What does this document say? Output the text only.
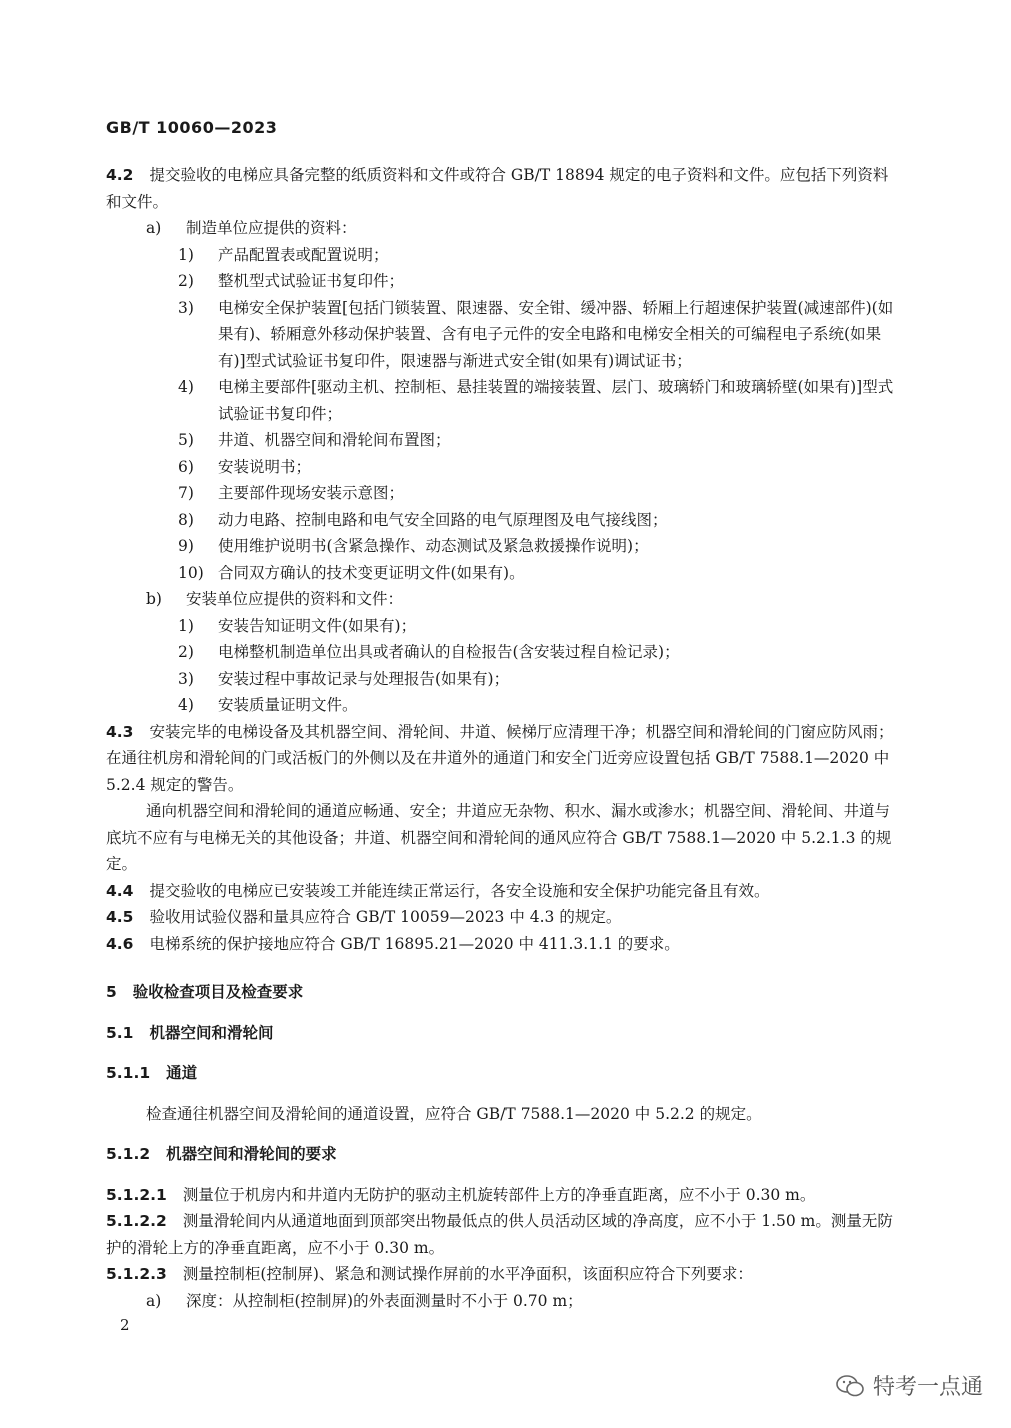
GB/T 10060—2023

4.2 提交验收的电梯应具备完整的纸质资料和文件或符合 GB/T 18894 规定的电子资料和文件。应包括下列资料和文件。

a)	制造单位应提供的资料：
1)	产品配置表或配置说明；
2)	整机型式试验证书复印件；
3)	电梯安全保护装置[包括门锁装置、限速器、安全钳、缓冲器、轿厢上行超速保护装置(减速部件)(如果有)、轿厢意外移动保护装置、含有电子元件的安全电路和电梯安全相关的可编程电子系统(如果有)]型式试验证书复印件，限速器与渐进式安全钳(如果有)调试证书；
4)	电梯主要部件[驱动主机、控制柜、悬挂装置的端接装置、层门、玻璃轿门和玻璃轿壁(如果有)]型式试验证书复印件；
5)	井道、机器空间和滑轮间布置图；
6)	安装说明书；
7)	主要部件现场安装示意图；
8)	动力电路、控制电路和电气安全回路的电气原理图及电气接线图；
9)	使用维护说明书(含紧急操作、动态测试及紧急救援操作说明)；
10) 合同双方确认的技术变更证明文件(如果有)。
b)	安装单位应提供的资料和文件：
1)	安装告知证明文件(如果有)；
2)	电梯整机制造单位出具或者确认的自检报告(含安装过程自检记录)；
3)	安装过程中事故记录与处理报告(如果有)；
4)	安装质量证明文件。

4.3 安装完毕的电梯设备及其机器空间、滑轮间、井道、候梯厅应清理干净；机器空间和滑轮间的门窗应防风雨；在通往机房和滑轮间的门或活板门的外侧以及在井道外的通道门和安全门近旁应设置包括 GB/T 7588.1—2020 中 5.2.4 规定的警告。

通向机器空间和滑轮间的通道应畅通、安全；井道应无杂物、积水、漏水或渗水；机器空间、滑轮间、井道与底坑不应有与电梯无关的其他设备；井道、机器空间和滑轮间的通风应符合 GB/T 7588.1—2020 中 5.2.1.3 的规定。

4.4 提交验收的电梯应已安装竣工并能连续正常运行，各安全设施和安全保护功能完备且有效。

4.5 验收用试验仪器和量具应符合 GB/T 10059—2023 中 4.3 的规定。

4.6 电梯系统的保护接地应符合 GB/T 16895.21—2020 中 411.3.1.1 的要求。

5 验收检查项目及检查要求

5.1 机器空间和滑轮间

5.1.1 通道

检查通往机器空间及滑轮间的通道设置，应符合 GB/T 7588.1—2020 中 5.2.2 的规定。

5.1.2 机器空间和滑轮间的要求

5.1.2.1 测量位于机房内和井道内无防护的驱动主机旋转部件上方的净垂直距离，应不小于 0.30 m。

5.1.2.2 测量滑轮间内从通道地面到顶部突出物最低点的供人员活动区域的净高度，应不小于 1.50 m。测量无防护的滑轮上方的净垂直距离，应不小于 0.30 m。

5.1.2.3 测量控制柜(控制屏)、紧急和测试操作屏前的水平净面积，该面积应符合下列要求：

a)	深度：从控制柜(控制屏)的外表面测量时不小于 0.70 m；
2
特考一点通
